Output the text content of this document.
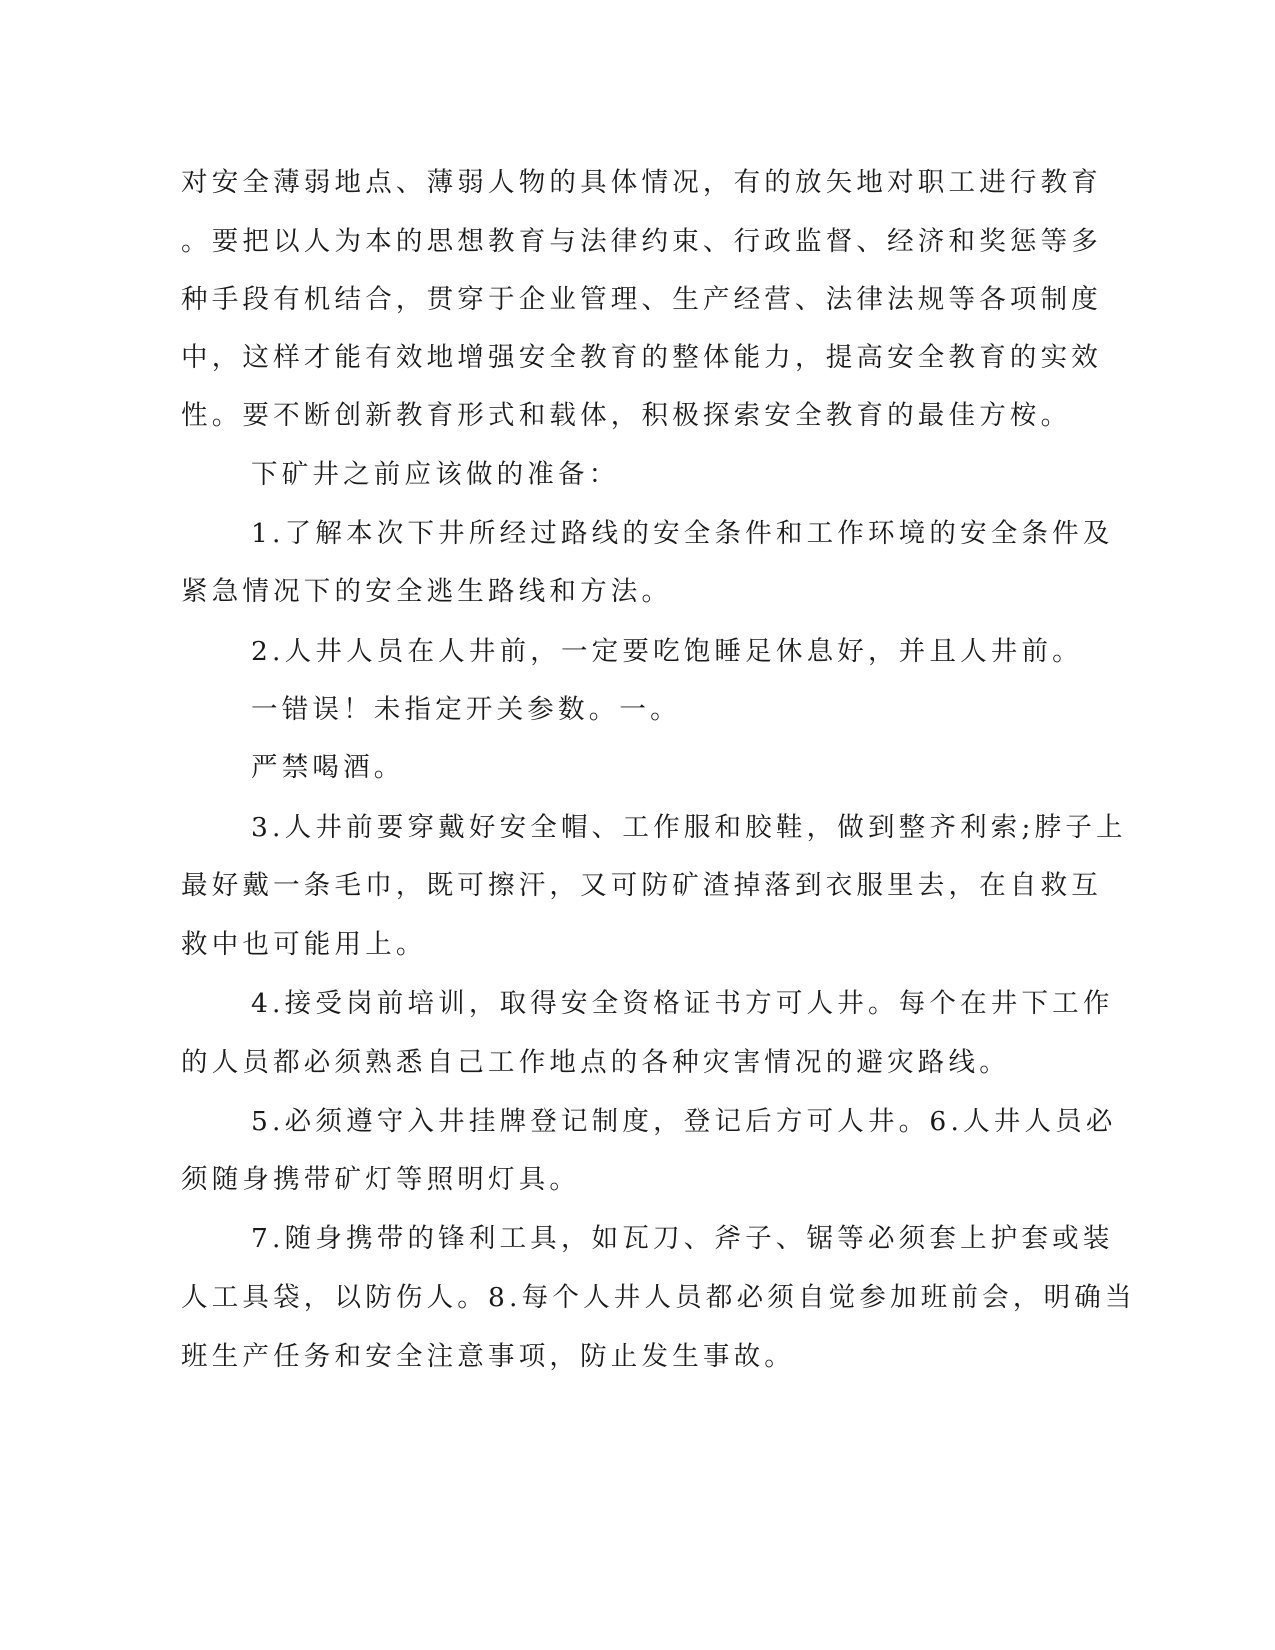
对安全薄弱地点、薄弱人物的具体情况，有的放矢地对职工进行教育

。要把以人为本的思想教育与法律约束、行政监督、经济和奖惩等多

种手段有机结合，贯穿于企业管理、生产经营、法律法规等各项制度

中，这样才能有效地增强安全教育的整体能力，提高安全教育的实效

性。要不断创新教育形式和载体，积极探索安全教育的最佳方桉。

下矿井之前应该做的准备：

1.了解本次下井所经过路线的安全条件和工作环境的安全条件及

紧急情况下的安全逃生路线和方法。

2.人井人员在人井前，一定要吃饱睡足休息好，并且人井前。

一错误！未指定开关参数。一。

严禁喝酒。

3.人井前要穿戴好安全帽、工作服和胶鞋，做到整齐利索;脖子上

最好戴一条毛巾，既可擦汗，又可防矿渣掉落到衣服里去，在自救互

救中也可能用上。

4.接受岗前培训，取得安全资格证书方可人井。每个在井下工作

的人员都必须熟悉自己工作地点的各种灾害情况的避灾路线。

5.必须遵守入井挂牌登记制度，登记后方可人井。6.人井人员必

须随身携带矿灯等照明灯具。

7.随身携带的锋利工具，如瓦刀、斧子、锯等必须套上护套或装

人工具袋，以防伤人。8.每个人井人员都必须自觉参加班前会，明确当

班生产任务和安全注意事项，防止发生事故。
